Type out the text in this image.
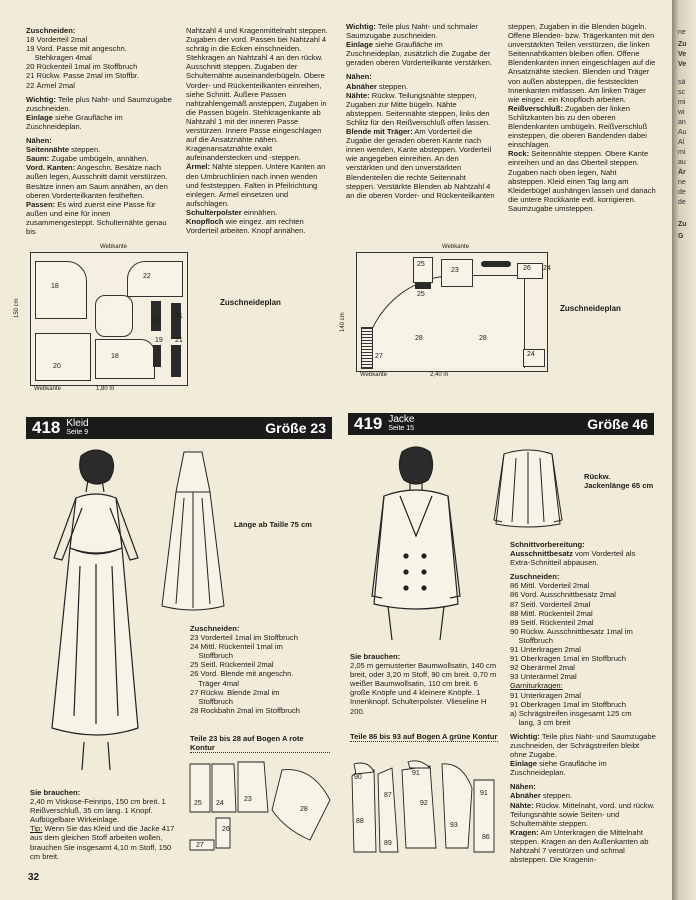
Zuschneiden:

18 Vorderteil 2mal

19 Vord. Passe mit angeschn.

Stehkragen 4mal

20 Rückenteil 1mal im Stoffbruch

21 Rückw. Passe 2mal im Stoffbr.

22 Ärmel 2mal

Wichtig: Teile plus Naht- und Saumzugabe zuschneiden.

Einlage siehe Graufläche im Zuschneideplan.

Nähen:

Seitennähte steppen.

Saum: Zugabe umbügeln, annähen.

Vord. Kanten: Angeschn. Besätze nach außen legen, Ausschnitt damit verstürzen. Besätze innen am Saum annähen, an den oberen Vorderteilkanten festheften.

Passen: Es wird zuerst eine Passe für außen und eine für innen zusammengesteppt. Schulternähte genau bis

Nahtzahl 4 und Kragenmittelnaht steppen. Zugaben der vord. Passen bei Nahtzahl 4 schräg in die Ecken einschneiden. Stehkragen an Nahtzahl 4 an den rückw. Ausschnitt steppen. Zugaben der Schulternähte auseinanderbügeln. Obere Vorder- und Rückenteilkanten einreihen, siehe Schnitt. Äußere Passen nahtzahlengemäß ansteppen, Zugaben in die Passen bügeln. Stehkragenkante ab Nahtzahl 1 mit der inneren Passe verstürzen. Innere Passe eingeschlagen auf die Ansatznähte nähen. Kragenansatznähte exakt aufeinanderstecken und -steppen.

Ärmel: Nähte steppen. Untere Kanten an den Umbruchlinien nach innen wenden und feststeppen. Falten in Pfeilrichtung einlegen. Ärmel einsetzen und aufschlagen.

Schulterpolster einnähen.

Knopfloch wie eingez. am rechten Vorderteil arbeiten. Knopf annähen.

Wichtig: Teile plus Naht- und schmaler Saumzugabe zuschneiden.

Einlage siehe Graufläche im Zuschneideplan, zusätzlich die Zugabe der geraden oberen Vorderteilkante verstärken.

Nähen:

Abnäher steppen.

Nähte: Rückw. Teilungsnähte steppen, Zugaben zur Mitte bügeln. Nähte absteppen. Seitennähte steppen, links den Schlitz für den Reißverschluß offen lassen.

Blende mit Träger: Am Vorderteil die Zugabe der geraden oberen Kante nach innen wenden, Kante absteppen. Vorderteil wie angegeben einreihen. An den verstärkten und den unverstärkten Blendenteilen die rechte Seitennaht steppen. Verstärkte Blenden ab Nahtzahl 4 an die oberen Vorder- und Rückenteilkanten

steppen, Zugaben in die Blenden bügeln. Offene Blenden- bzw. Trägerkanten mit den unverstärkten Teilen verstürzen, die linken Seitennahtkanten bleiben offen. Offene Blendenkanten innen eingeschlagen auf die Ansatznähte stecken. Blenden und Träger von außen absteppen, die feststeckten Innenkanten mitfassen. Am linken Träger wie eingez. ein Knopfloch arbeiten.

Reißverschluß: Zugaben der linken Schlitzkanten bis zu den oberen Blendenkanten umbügeln. Reißverschluß einsteppen, die oberen Bandenden dabei einschlagen.

Rock: Seitennähte steppen. Obere Kante einreihen und an das Oberteil steppen. Zugaben nach oben legen, Naht absteppen. Kleid einen Tag lang am Kleiderbügel aushängen lassen und danach die untere Rockkante evtl. korrigieren. Saumzugabe umsteppen.

Webkante
22
18
19
21
19 21
20
18
150 cm
Webkante	1,80 m
Zuschneideplan
Webkante
25
23	26 24
25
28	28
27	24
140 cm
Webkante	2,40 m
Zuschneideplan
418 Kleid
Seite 9	Größe 23	419 Jacke
Seite 15	Größe 46
Länge ab Taille 75 cm

Zuschneiden:

23 Vorderteil 1mal im Stoffbruch

24 Mittl. Rückenteil 1mal im

Stoffbruch

25 Seitl. Rückenteil 2mal

26 Vord. Blende mit angeschn.

Träger 4mal

27 Rückw. Blende 2mal im

Stoffbruch

28 Rockbahn 2mal im Stoffbruch

Teile 23 bis 28 auf Bogen A rote Kontur
25 24
23
26
27
28

Sie brauchen:

2,40 m Viskose-Feinrips, 150 cm breit. 1 Reißverschluß, 35 cm lang. 1 Knopf. Aufbügelbare Wirkeinlage.

Tip: Wenn Sie das Kleid und die Jacke 417 aus dem gleichen Stoff arbeiten wollen, brauchen Sie insgesamt 4,10 m Stoff, 150 cm breit.

Rückw. Jackenlänge 65 cm

Schnittvorbereitung:

Ausschnittbesatz vom Vorderteil als Extra-Schnitteil abpausen.

Zuschneiden:

86 Mittl. Vorderteil 2mal

86 Vord. Ausschnittbesatz 2mal

87 Seitl. Vorderteil 2mal

88 Mittl. Rückenteil 2mal

89 Seitl. Rückenteil 2mal

90 Rückw. Ausschnittbesatz 1mal im

Stoffbruch

91 Unterkragen 2mal

91 Oberkragen 1mal im Stoffbruch

92 Oberärmel 2mal

93 Unterärmel 2mal

Garniturkragen:

91 Unterkragen 2mal

91 Oberkragen 1mal im Stoffbruch

a) Schrägstreifen insgesamt 125 cm

lang, 3 cm breit

Wichtig: Teile plus Naht- und Saumzugabe zuschneiden, der Schrägstreifen bleibt ohne Zugabe.

Einlage siehe Graufläche im Zuschneideplan.

Nähen:

Abnäher steppen.

Nähte: Rückw. Mittelnaht, vord. und rückw. Teilungsnähte sowie Seiten- und Schulternähte steppen.

Kragen: Am Unterkragen die Mittelnaht steppen. Kragen an den Außenkanten ab Nahtzahl 7 verstürzen und schmal absteppen. Die Kragenin-

Sie brauchen:

2,05 m gemusterter Baumwollsatin, 140 cm breit, oder 3,20 m Stoff, 90 cm breit. 0,70 m weißer Baumwollsatin, 110 cm breit. 6 große Knöpfe und 4 kleinere Knöpfe. 1 Innenknopf. Schulterpolster. Vlieseline H 200.

Teile 86 bis 93 auf Bogen A grüne Kontur
90
87
91
92
86
88
89
93
91
32
ne
Zu
Ve
Ve
sä
sc
mi
wi
an
Au
Al
mi
au
Är
ne
de
de
Zu
G
